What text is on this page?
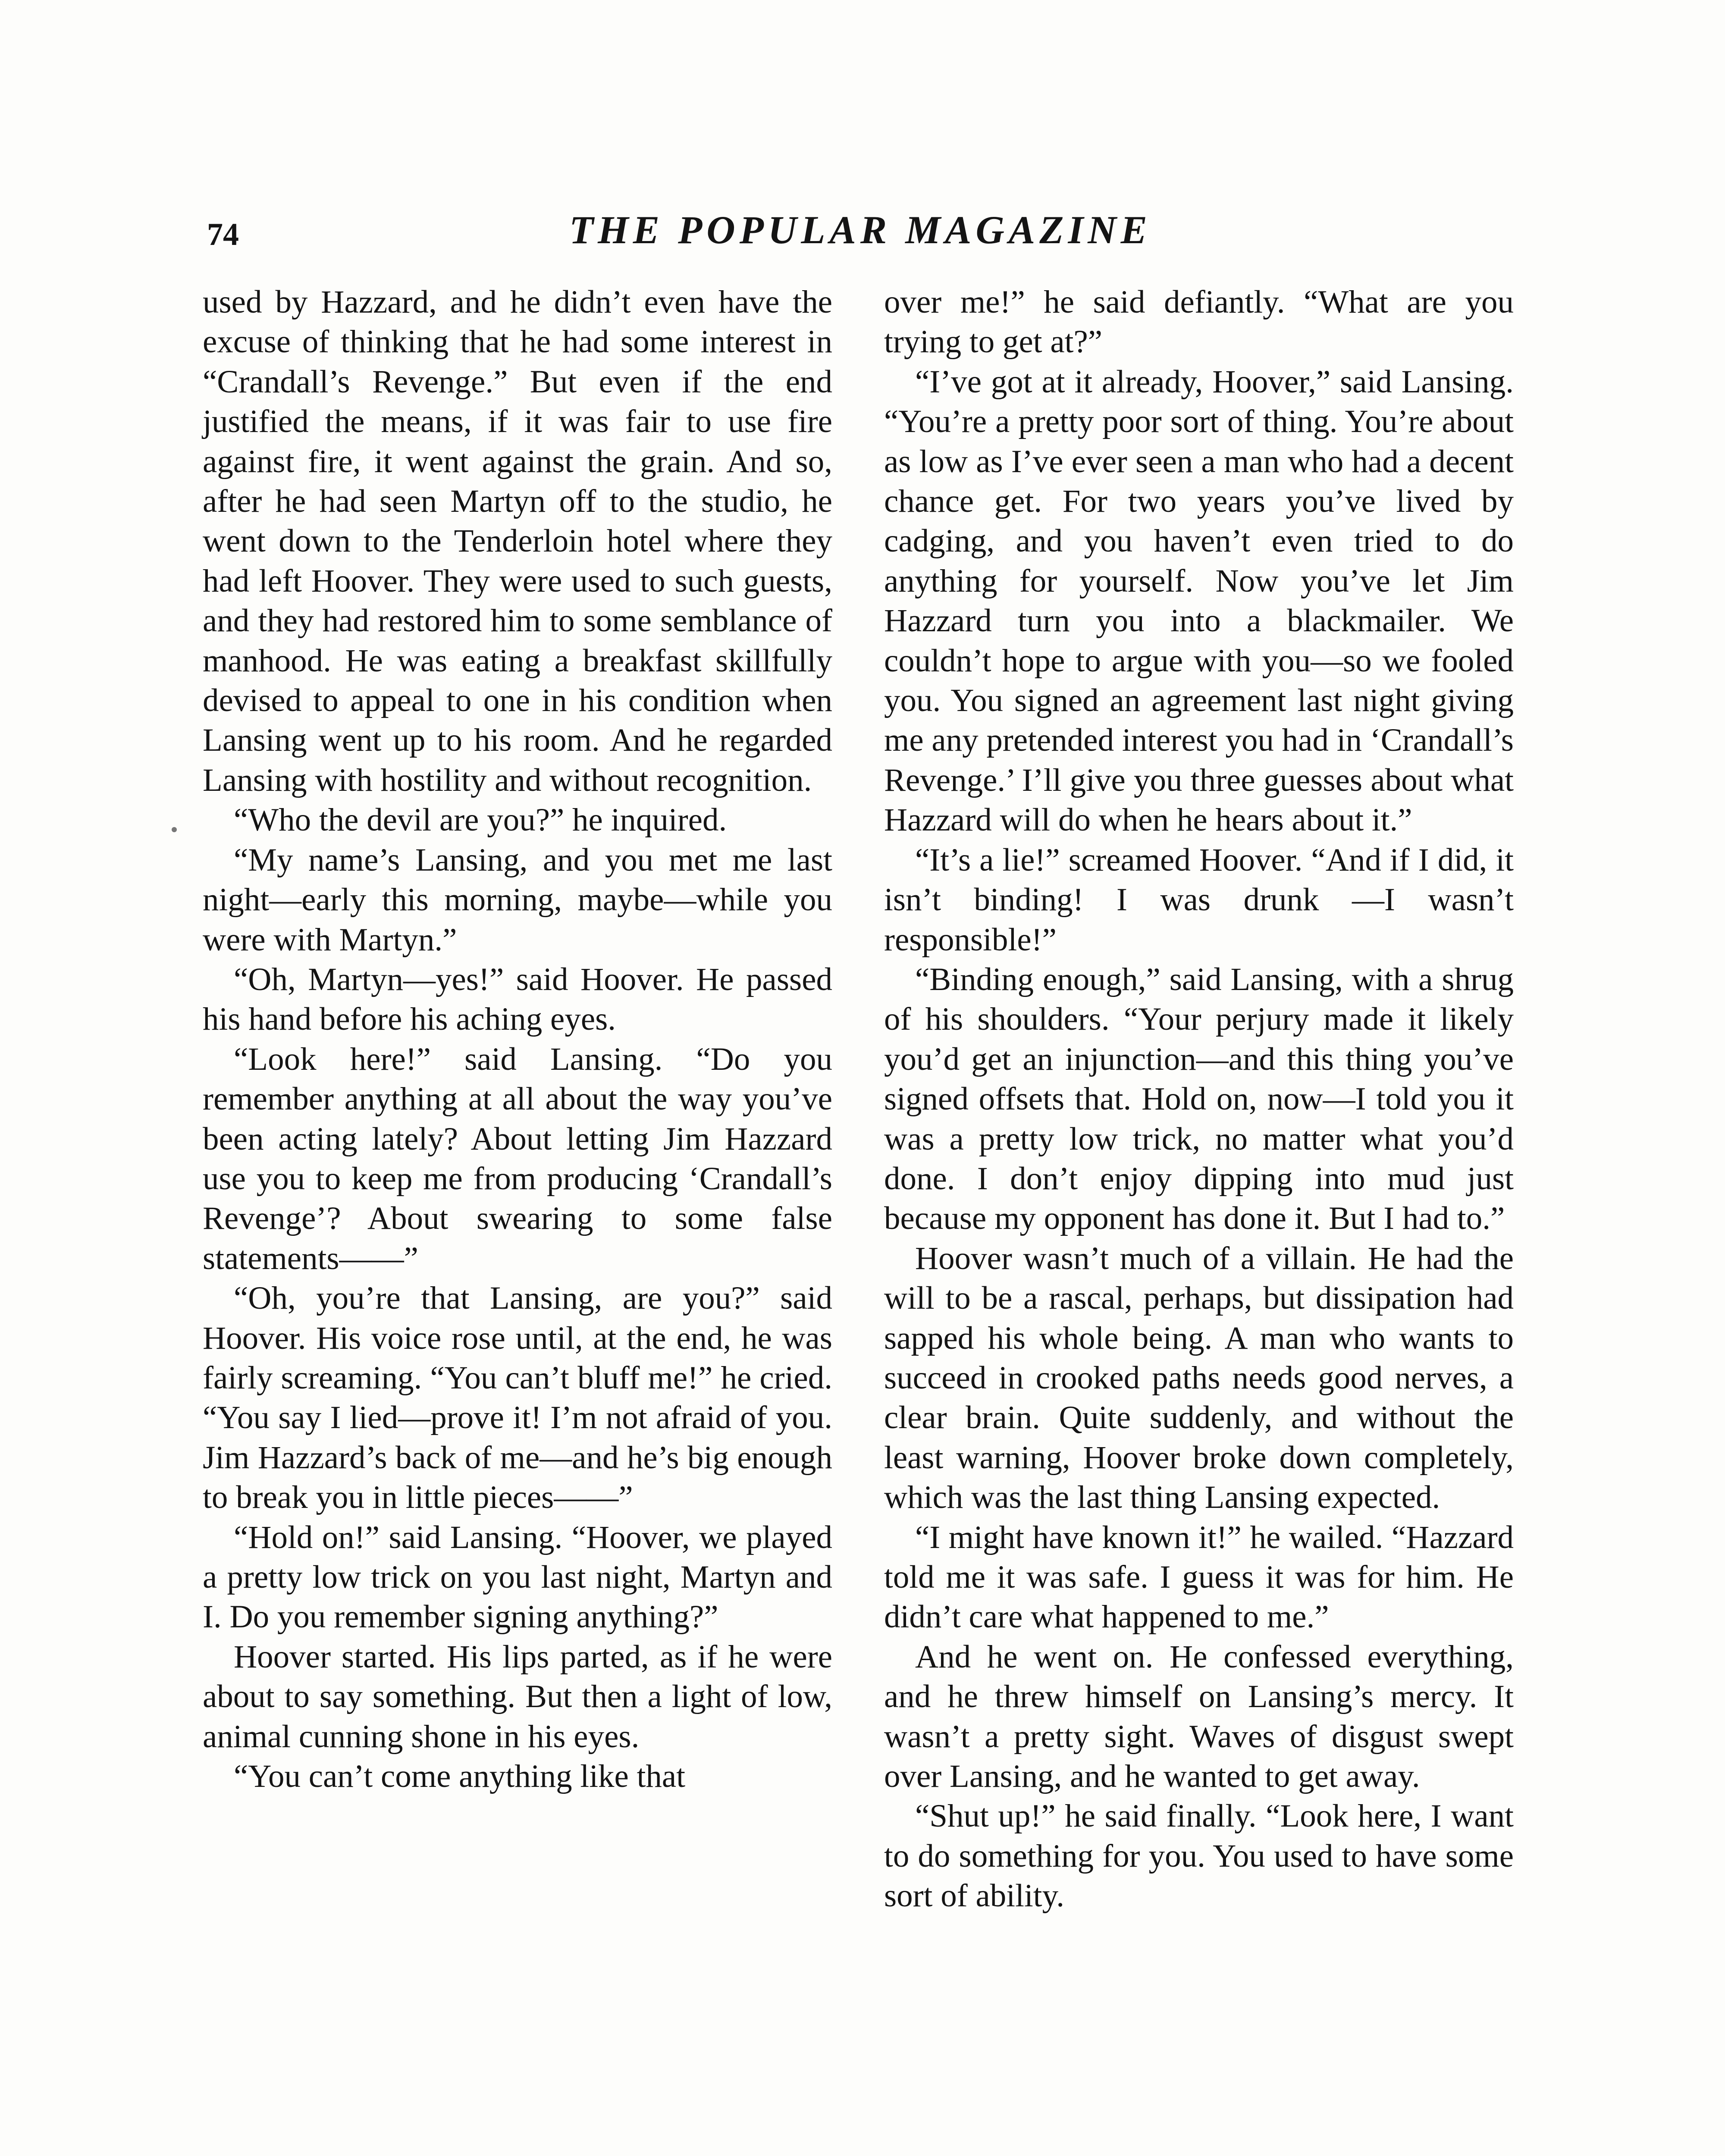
74	THE POPULAR MAGAZINE

used by Hazzard, and he didn’t even have the excuse of thinking that he had some interest in “Crandall’s Revenge.” But even if the end justified the means, if it was fair to use fire against fire, it went against the grain. And so, after he had seen Martyn off to the studio, he went down to the Tenderloin hotel where they had left Hoover. They were used to such guests, and they had restored him to some semblance of manhood. He was eating a breakfast skillfully devised to appeal to one in his condition when Lansing went up to his room. And he regarded Lansing with hostility and without recognition.

“Who the devil are you?” he inquired.

“My name’s Lansing, and you met me last night—early this morning, maybe—while you were with Martyn.”

“Oh, Martyn—yes!” said Hoover. He passed his hand before his aching eyes.

“Look here!” said Lansing. “Do you remember anything at all about the way you’ve been acting lately? About letting Jim Hazzard use you to keep me from producing ‘Crandall’s Revenge’? About swearing to some false statements——”

“Oh, you’re that Lansing, are you?” said Hoover. His voice rose until, at the end, he was fairly screaming. “You can’t bluff me!” he cried. “You say I lied—prove it! I’m not afraid of you. Jim Hazzard’s back of me—and he’s big enough to break you in little pieces——”

“Hold on!” said Lansing. “Hoover, we played a pretty low trick on you last night, Martyn and I. Do you remember signing anything?”

Hoover started. His lips parted, as if he were about to say something. But then a light of low, animal cunning shone in his eyes.

“You can’t come anything like that

over me!” he said defiantly. “What are you trying to get at?”

“I’ve got at it already, Hoover,” said Lansing. “You’re a pretty poor sort of thing. You’re about as low as I’ve ever seen a man who had a decent chance get. For two years you’ve lived by cadging, and you haven’t even tried to do anything for yourself. Now you’ve let Jim Hazzard turn you into a blackmailer. We couldn’t hope to argue with you—so we fooled you. You signed an agreement last night giving me any pretended interest you had in ‘Crandall’s Revenge.’ I’ll give you three guesses about what Hazzard will do when he hears about it.”

“It’s a lie!” screamed Hoover. “And if I did, it isn’t binding! I was drunk —I wasn’t responsible!”

“Binding enough,” said Lansing, with a shrug of his shoulders. “Your perjury made it likely you’d get an injunction—and this thing you’ve signed offsets that. Hold on, now—I told you it was a pretty low trick, no matter what you’d done. I don’t enjoy dipping into mud just because my opponent has done it. But I had to.”

Hoover wasn’t much of a villain. He had the will to be a rascal, perhaps, but dissipation had sapped his whole being. A man who wants to succeed in crooked paths needs good nerves, a clear brain. Quite suddenly, and without the least warning, Hoover broke down completely, which was the last thing Lansing expected.

“I might have known it!” he wailed. “Hazzard told me it was safe. I guess it was for him. He didn’t care what happened to me.”

And he went on. He confessed everything, and he threw himself on Lansing’s mercy. It wasn’t a pretty sight. Waves of disgust swept over Lansing, and he wanted to get away.

“Shut up!” he said finally. “Look here, I want to do something for you. You used to have some sort of ability.
